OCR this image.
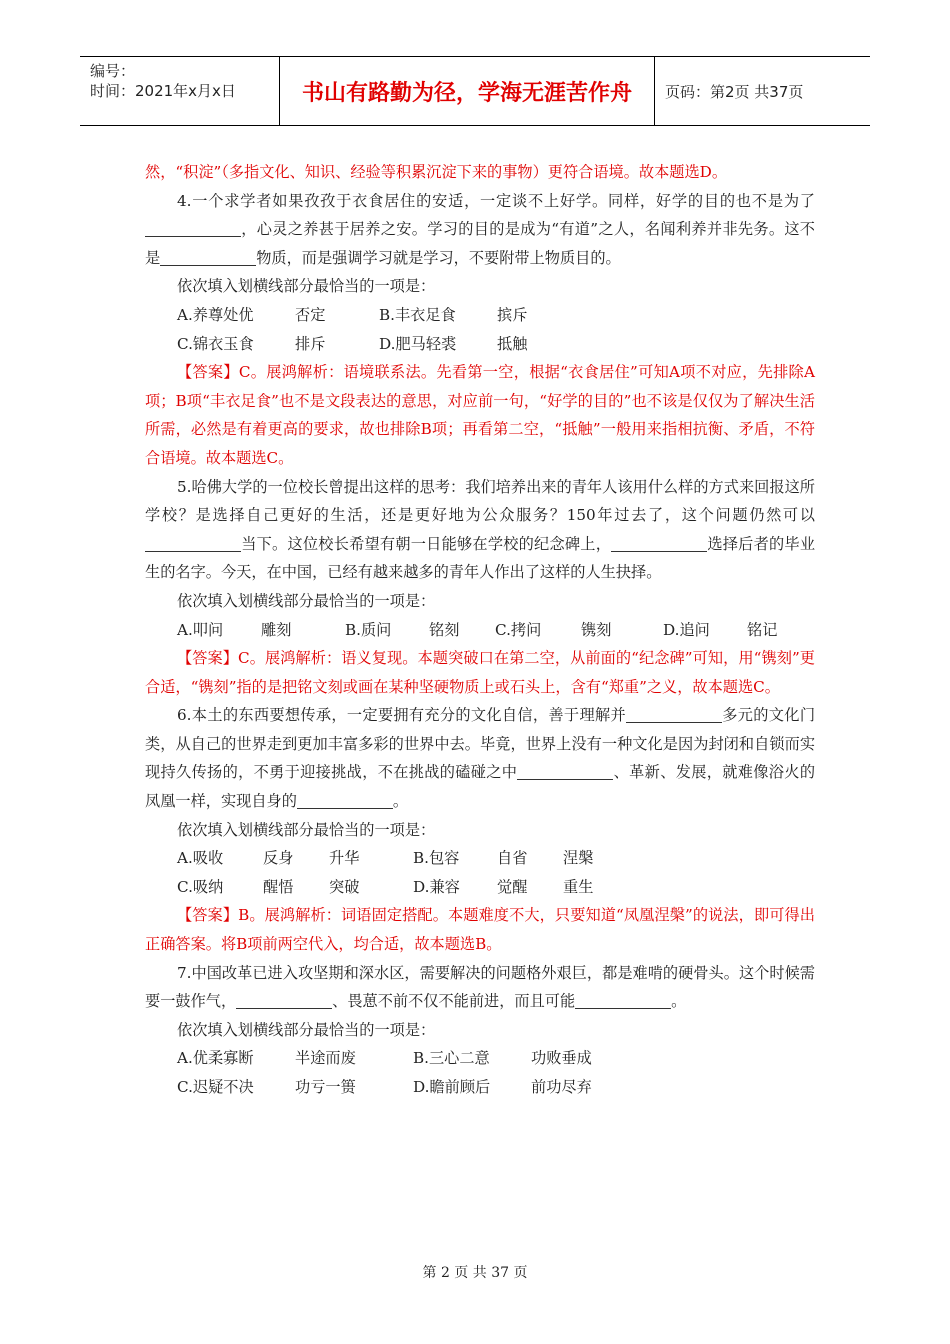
编号：
时间：2021年x月x日	书山有路勤为径，学海无涯苦作舟	页码：第2页 共37页

然，“积淀”（多指文化、知识、经验等积累沉淀下来的事物）更符合语境。故本题选D。

4.一个求学者如果孜孜于衣食居住的安适，一定谈不上好学。同样，好学的目的也不是为了，心灵之养甚于居养之安。学习的目的是成为“有道”之人，名闻利养并非先务。这不是	物质，而是强调学习就是学习，不要附带上物质目的。

依次填入划横线部分最恰当的一项是：

A.养尊处优	否定	B.丰衣足食	摈斥
C.锦衣玉食	排斥	D.肥马轻裘	抵触

【答案】C。展鸿解析：语境联系法。先看第一空，根据“衣食居住”可知A项不对应，先排除A项；B项“丰衣足食”也不是文段表达的意思，对应前一句，“好学的目的”也不该是仅仅为了解决生活所需，必然是有着更高的要求，故也排除B项；再看第二空，“抵触”一般用来指相抗衡、矛盾，不符合语境。故本题选C。

5.哈佛大学的一位校长曾提出这样的思考：我们培养出来的青年人该用什么样的方式来回报这所学校？是选择自己更好的生活，还是更好地为公众服务？150年过去了，这个问题仍然可以当下。这位校长希望有朝一日能够在学校的纪念碑上，	选择后者的毕业生的名字。今天，在中国，已经有越来越多的青年人作出了这样的人生抉择。

依次填入划横线部分最恰当的一项是：

A.叩问	雕刻	B.质问	铭刻	C.拷问	镌刻	D.追问	铭记

【答案】C。展鸿解析：语义复现。本题突破口在第二空，从前面的“纪念碑”可知，用“镌刻”更合适，“镌刻”指的是把铭文刻或画在某种坚硬物质上或石头上，含有“郑重”之义，故本题选C。

6.本土的东西要想传承，一定要拥有充分的文化自信，善于理解并	多元的文化门类，从自己的世界走到更加丰富多彩的世界中去。毕竟，世界上没有一种文化是因为封闭和自锁而实现持久传扬的，不勇于迎接挑战，不在挑战的磕碰之中	、革新、发展，就难像浴火的凤凰一样，实现自身的	。

依次填入划横线部分最恰当的一项是：

A.吸收	反身	升华	B.包容	自省	涅槃
C.吸纳	醒悟	突破	D.兼容	觉醒	重生

【答案】B。展鸿解析：词语固定搭配。本题难度不大，只要知道“凤凰涅槃”的说法，即可得出正确答案。将B项前两空代入，均合适，故本题选B。

7.中国改革已进入攻坚期和深水区，需要解决的问题格外艰巨，都是难啃的硬骨头。这个时候需要一鼓作气，	、畏葸不前不仅不能前进，而且可能	。

依次填入划横线部分最恰当的一项是：

A.优柔寡断	半途而废	B.三心二意	功败垂成
C.迟疑不决	功亏一篑	D.瞻前顾后	前功尽弃
第 2 页 共 37 页
